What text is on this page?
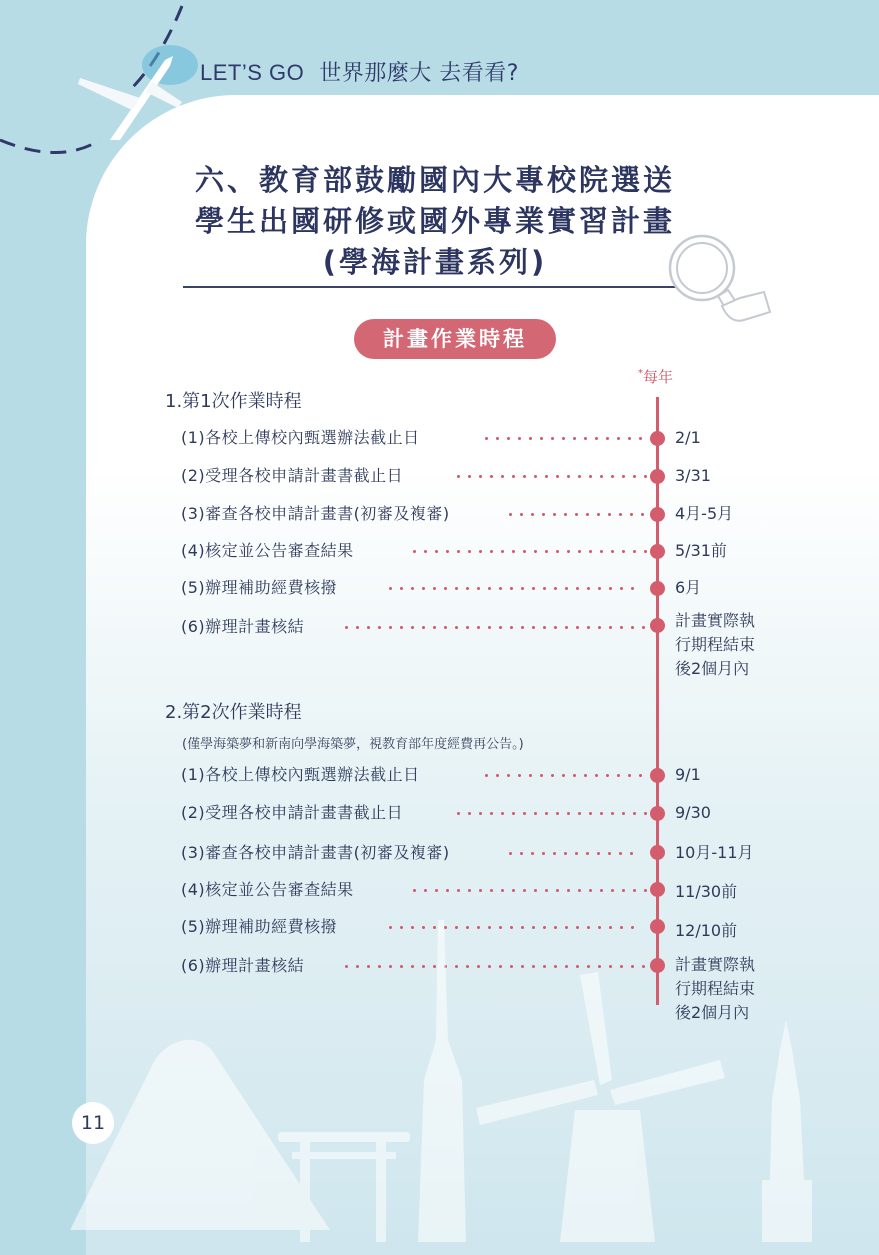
LET’S GO 世界那麼大 去看看?
六、教育部鼓勵國內大專校院選送
學生出國研修或國外專業實習計畫
(學海計畫系列)
計畫作業時程
*每年
1.第1次作業時程
(1)各校上傳校內甄選辦法截止日	2/1
(2)受理各校申請計畫書截止日	3/31
(3)審查各校申請計畫書(初審及複審)	4月-5月
(4)核定並公告審查結果	5/31前
(5)辦理補助經費核撥	6月
(6)辦理計畫核結	計畫實際執
行期程結束
後2個月內
2.第2次作業時程
(僅學海築夢和新南向學海築夢，視教育部年度經費再公告。)
(1)各校上傳校內甄選辦法截止日	9/1
(2)受理各校申請計畫書截止日	9/30
(3)審查各校申請計畫書(初審及複審)	10月-11月
(4)核定並公告審查結果	11/30前
(5)辦理補助經費核撥	12/10前
(6)辦理計畫核結	計畫實際執
行期程結束
後2個月內
11
